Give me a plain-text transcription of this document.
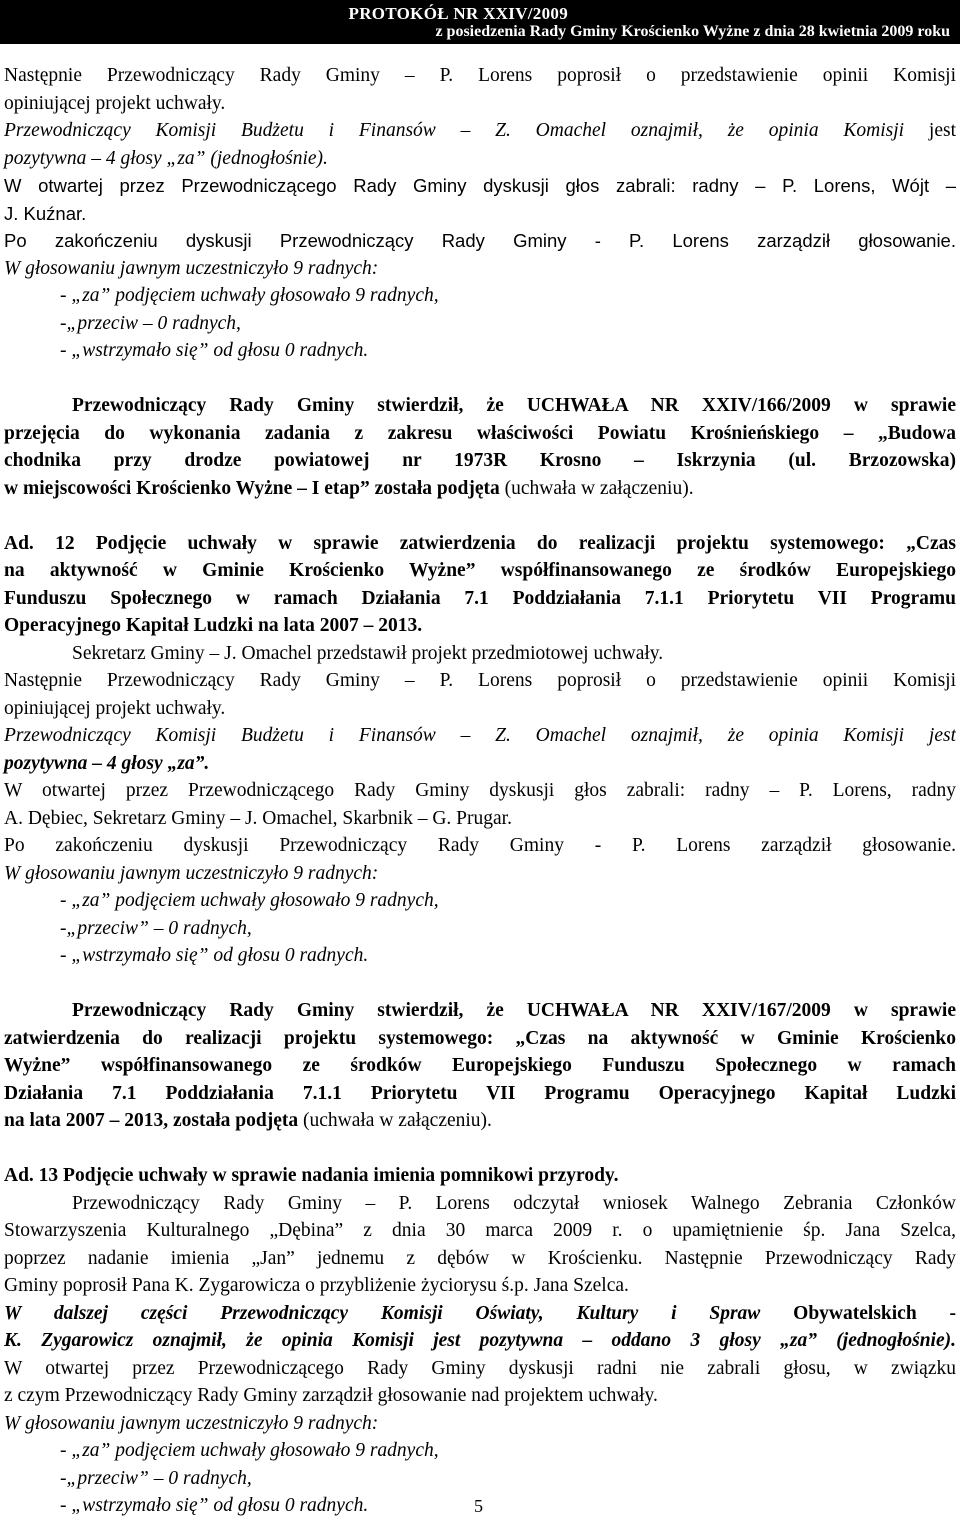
PROTOKÓŁ NR XXIV/2009
z posiedzenia Rady Gminy Krościenko Wyżne z dnia 28 kwietnia 2009 roku
Następnie Przewodniczący Rady Gminy – P. Lorens poprosił o przedstawienie opinii Komisji
opiniującej projekt uchwały.
Przewodniczący Komisji Budżetu i Finansów – Z. Omachel oznajmił, że opinia Komisji jest
pozytywna – 4 głosy „za” (jednogłośnie).
W otwartej przez Przewodniczącego Rady Gminy dyskusji głos zabrali: radny – P. Lorens, Wójt –
J. Kuźnar.
Po zakończeniu dyskusji Przewodniczący Rady Gminy - P. Lorens zarządził głosowanie.
W głosowaniu jawnym uczestniczyło 9 radnych:
- „za” podjęciem uchwały głosowało 9 radnych,
-„przeciw – 0 radnych,
- „wstrzymało się” od głosu 0 radnych.
Przewodniczący Rady Gminy stwierdził, że UCHWAŁA NR XXIV/166/2009 w sprawie
przejęcia do wykonania zadania z zakresu właściwości Powiatu Krośnieńskiego – „Budowa
chodnika przy drodze powiatowej nr 1973R Krosno – Iskrzynia (ul. Brzozowska)
w miejscowości Krościenko Wyżne – I etap” została podjęta (uchwała w załączeniu).
Ad. 12 Podjęcie uchwały w sprawie zatwierdzenia do realizacji projektu systemowego: „Czas
na aktywność w Gminie Krościenko Wyżne” współfinansowanego ze środków Europejskiego
Funduszu Społecznego w ramach Działania 7.1 Poddziałania 7.1.1 Priorytetu VII Programu
Operacyjnego Kapitał Ludzki na lata 2007 – 2013.
Sekretarz Gminy – J. Omachel przedstawił projekt przedmiotowej uchwały.
Następnie Przewodniczący Rady Gminy – P. Lorens poprosił o przedstawienie opinii Komisji
opiniującej projekt uchwały.
Przewodniczący Komisji Budżetu i Finansów – Z. Omachel oznajmił, że opinia Komisji jest
pozytywna – 4 głosy „za”.
W otwartej przez Przewodniczącego Rady Gminy dyskusji głos zabrali: radny – P. Lorens, radny
A. Dębiec, Sekretarz Gminy – J. Omachel, Skarbnik – G. Prugar.
Po zakończeniu dyskusji Przewodniczący Rady Gminy - P. Lorens zarządził głosowanie.
W głosowaniu jawnym uczestniczyło 9 radnych:
- „za” podjęciem uchwały głosowało 9 radnych,
-„przeciw” – 0 radnych,
- „wstrzymało się” od głosu 0 radnych.
Przewodniczący Rady Gminy stwierdził, że UCHWAŁA NR XXIV/167/2009 w sprawie
zatwierdzenia do realizacji projektu systemowego: „Czas na aktywność w Gminie Krościenko
Wyżne” współfinansowanego ze środków Europejskiego Funduszu Społecznego w ramach
Działania 7.1 Poddziałania 7.1.1 Priorytetu VII Programu Operacyjnego Kapitał Ludzki
na lata 2007 – 2013, została podjęta (uchwała w załączeniu).
Ad. 13 Podjęcie uchwały w sprawie nadania imienia pomnikowi przyrody.
Przewodniczący Rady Gminy – P. Lorens odczytał wniosek Walnego Zebrania Członków
Stowarzyszenia Kulturalnego „Dębina” z dnia 30 marca 2009 r. o upamiętnienie śp. Jana Szelca,
poprzez nadanie imienia „Jan” jednemu z dębów w Krościenku. Następnie Przewodniczący Rady
Gminy poprosił Pana K. Zygarowicza o przybliżenie życiorysu ś.p. Jana Szelca.
W dalszej części Przewodniczący Komisji Oświaty, Kultury i Spraw Obywatelskich -
K. Zygarowicz oznajmił, że opinia Komisji jest pozytywna – oddano 3 głosy „za” (jednogłośnie).
W otwartej przez Przewodniczącego Rady Gminy dyskusji radni nie zabrali głosu, w związku
z czym Przewodniczący Rady Gminy zarządził głosowanie nad projektem uchwały.
W głosowaniu jawnym uczestniczyło 9 radnych:
- „za” podjęciem uchwały głosowało 9 radnych,
-„przeciw” – 0 radnych,
- „wstrzymało się” od głosu 0 radnych.	5
